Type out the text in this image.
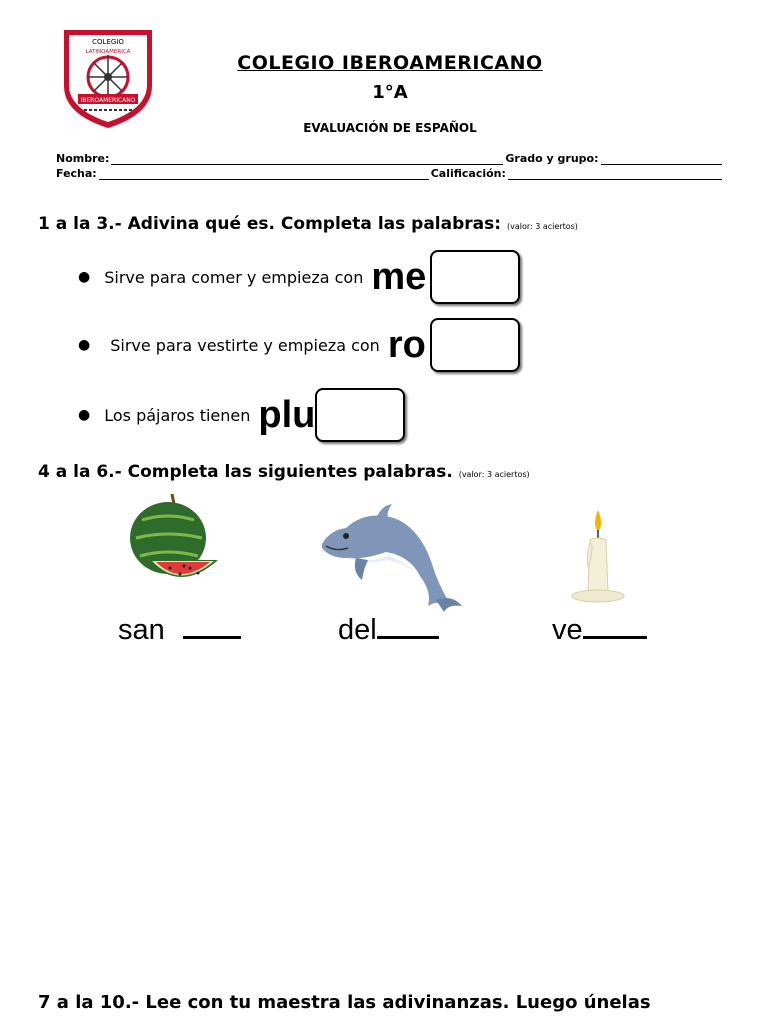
COLEGIO
IBEROAMERICANO
LATINOAMERICA	COLEGIO IBEROAMERICANO
1°A
EVALUACIÓN DE ESPAÑOL
Nombre:	Grado y grupo:
Fecha:	Calificación:
1 a la 3.- Adivina qué es. Completa las palabras: (valor: 3 aciertos)
● Sirve para comer y empieza con me
● Sirve para vestirte y empieza con ro
● Los pájaros tienen plu
4 a la 6.- Completa las siguientes palabras. (valor: 3 aciertos)
san	del	ve
7 a la 10.- Lee con tu maestra las adivinanzas. Luego únelas
